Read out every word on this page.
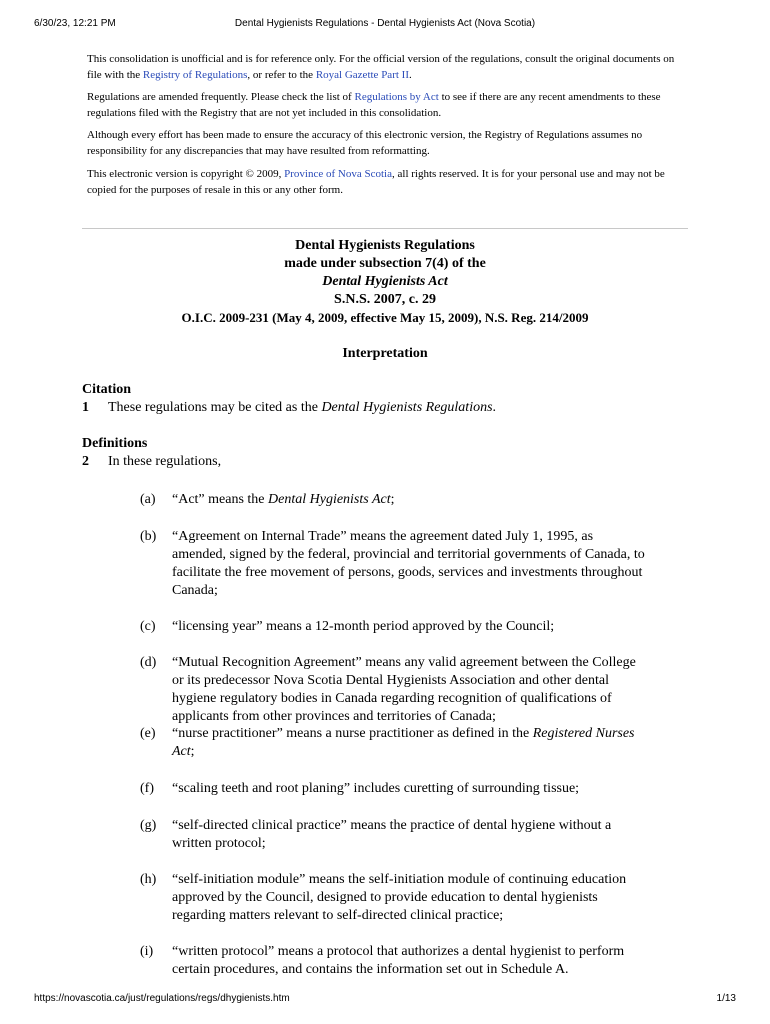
6/30/23, 12:21 PM	Dental Hygienists Regulations - Dental Hygienists Act (Nova Scotia)

This consolidation is unofficial and is for reference only. For the official version of the regulations, consult the original documents on file with the Registry of Regulations, or refer to the Royal Gazette Part II.

Regulations are amended frequently. Please check the list of Regulations by Act to see if there are any recent amendments to these regulations filed with the Registry that are not yet included in this consolidation.

Although every effort has been made to ensure the accuracy of this electronic version, the Registry of Regulations assumes no responsibility for any discrepancies that may have resulted from reformatting.

This electronic version is copyright © 2009, Province of Nova Scotia, all rights reserved. It is for your personal use and may not be copied for the purposes of resale in this or any other form.

Dental Hygienists Regulations
made under subsection 7(4) of the
Dental Hygienists Act
S.N.S. 2007, c. 29
O.I.C. 2009-231 (May 4, 2009, effective May 15, 2009), N.S. Reg. 214/2009
Interpretation
Citation
1 These regulations may be cited as the Dental Hygienists Regulations.
Definitions
2 In these regulations,
(a) “Act” means the Dental Hygienists Act;
(b) “Agreement on Internal Trade” means the agreement dated July 1, 1995, as
amended, signed by the federal, provincial and territorial governments of Canada, to
facilitate the free movement of persons, goods, services and investments throughout
Canada;
(c) “licensing year” means a 12-month period approved by the Council;
(d) “Mutual Recognition Agreement” means any valid agreement between the College
or its predecessor Nova Scotia Dental Hygienists Association and other dental
hygiene regulatory bodies in Canada regarding recognition of qualifications of
applicants from other provinces and territories of Canada;
(e) “nurse practitioner” means a nurse practitioner as defined in the Registered Nurses
Act;
(f) “scaling teeth and root planing” includes curetting of surrounding tissue;
(g) “self-directed clinical practice” means the practice of dental hygiene without a
written protocol;
(h) “self-initiation module” means the self-initiation module of continuing education
approved by the Council, designed to provide education to dental hygienists
regarding matters relevant to self-directed clinical practice;
(i) “written protocol” means a protocol that authorizes a dental hygienist to perform
certain procedures, and contains the information set out in Schedule A.
https://novascotia.ca/just/regulations/regs/dhygienists.htm	1/13
